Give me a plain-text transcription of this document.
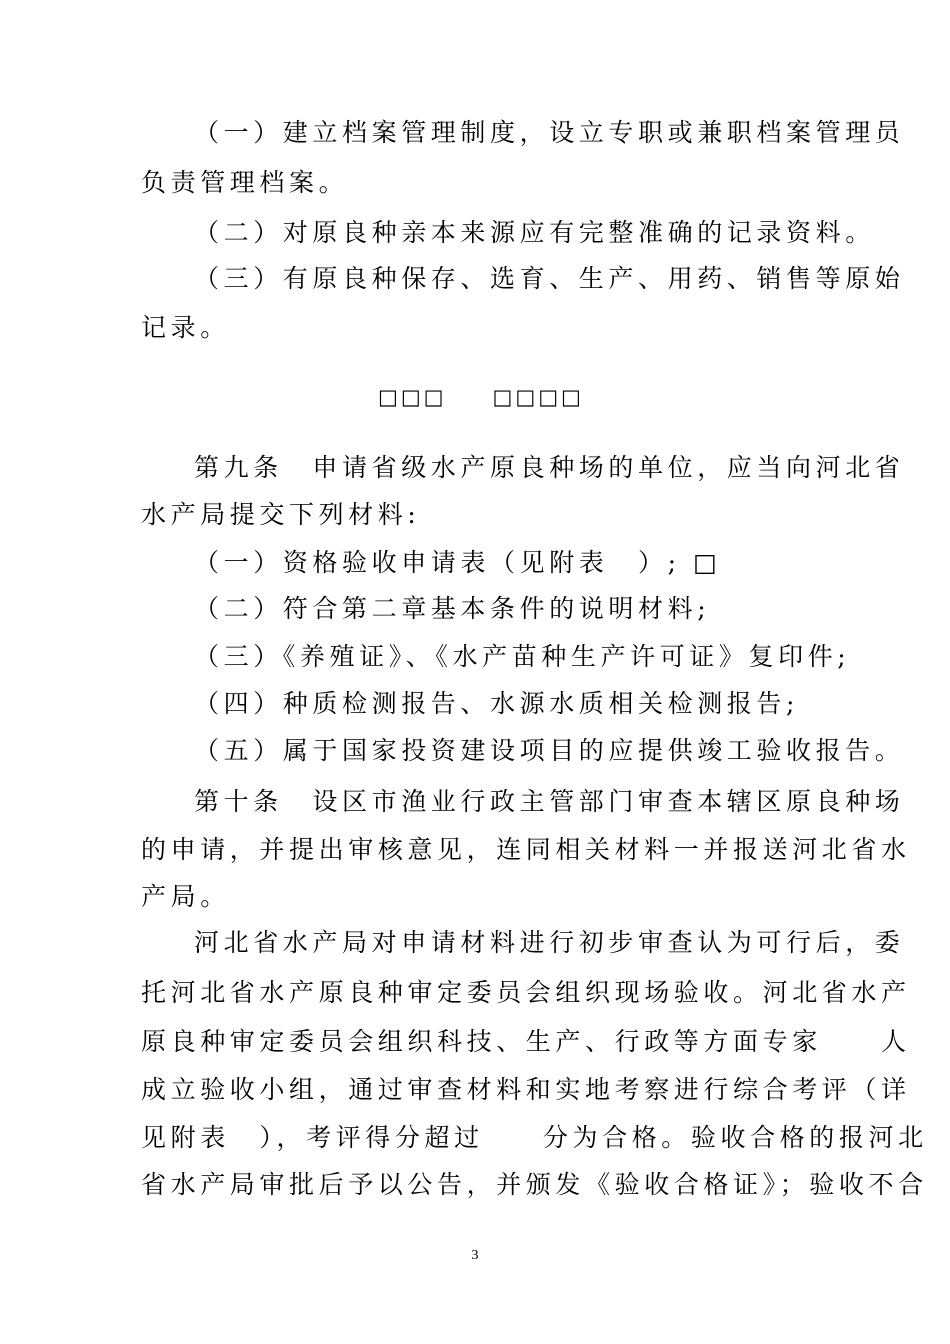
（一）建立档案管理制度，设立专职或兼职档案管理员
负责管理档案。
（二）对原良种亲本来源应有完整准确的记录资料。
（三）有原良种保存、选育、生产、用药、销售等原始
记录。
□□□ □□□□
第九条　申请省级水产原良种场的单位，应当向河北省
水产局提交下列材料:
（一）资格验收申请表（见附表　）; □
（二）符合第二章基本条件的说明材料;
（三）《养殖证》、《水产苗种生产许可证》复印件;
（四）种质检测报告、水源水质相关检测报告;
（五）属于国家投资建设项目的应提供竣工验收报告。
第十条　设区市渔业行政主管部门审查本辖区原良种场
的申请，并提出审核意见，连同相关材料一并报送河北省水
产局。
河北省水产局对申请材料进行初步审查认为可行后，委
托河北省水产原良种审定委员会组织现场验收。河北省水产
原良种审定委员会组织科技、生产、行政等方面专家　　人
成立验收小组，通过审查材料和实地考察进行综合考评（详
见附表　），考评得分超过　　分为合格。验收合格的报河北
省水产局审批后予以公告，并颁发《验收合格证》；验收不合
3
